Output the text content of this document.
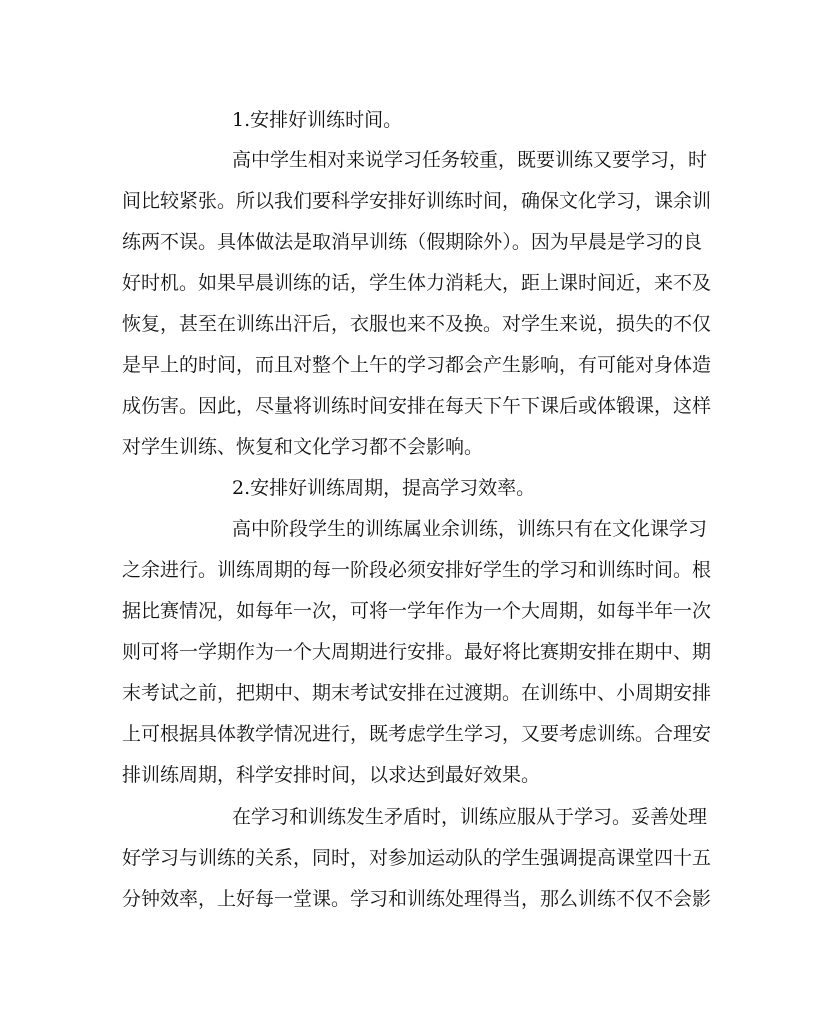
1.安排好训练时间。
高中学生相对来说学习任务较重，既要训练又要学习，时
间比较紧张。所以我们要科学安排好训练时间，确保文化学习，课余训
练两不误。具体做法是取消早训练（假期除外）。因为早晨是学习的良
好时机。如果早晨训练的话，学生体力消耗大，距上课时间近，来不及
恢复，甚至在训练出汗后，衣服也来不及换。对学生来说，损失的不仅
是早上的时间，而且对整个上午的学习都会产生影响，有可能对身体造
成伤害。因此，尽量将训练时间安排在每天下午下课后或体锻课，这样
对学生训练、恢复和文化学习都不会影响。
2.安排好训练周期，提高学习效率。
高中阶段学生的训练属业余训练，训练只有在文化课学习
之余进行。训练周期的每一阶段必须安排好学生的学习和训练时间。根
据比赛情况，如每年一次，可将一学年作为一个大周期，如每半年一次
则可将一学期作为一个大周期进行安排。最好将比赛期安排在期中、期
末考试之前，把期中、期末考试安排在过渡期。在训练中、小周期安排
上可根据具体教学情况进行，既考虑学生学习，又要考虑训练。合理安
排训练周期，科学安排时间，以求达到最好效果。
在学习和训练发生矛盾时，训练应服从于学习。妥善处理
好学习与训练的关系，同时，对参加运动队的学生强调提高课堂四十五
分钟效率，上好每一堂课。学习和训练处理得当，那么训练不仅不会影
